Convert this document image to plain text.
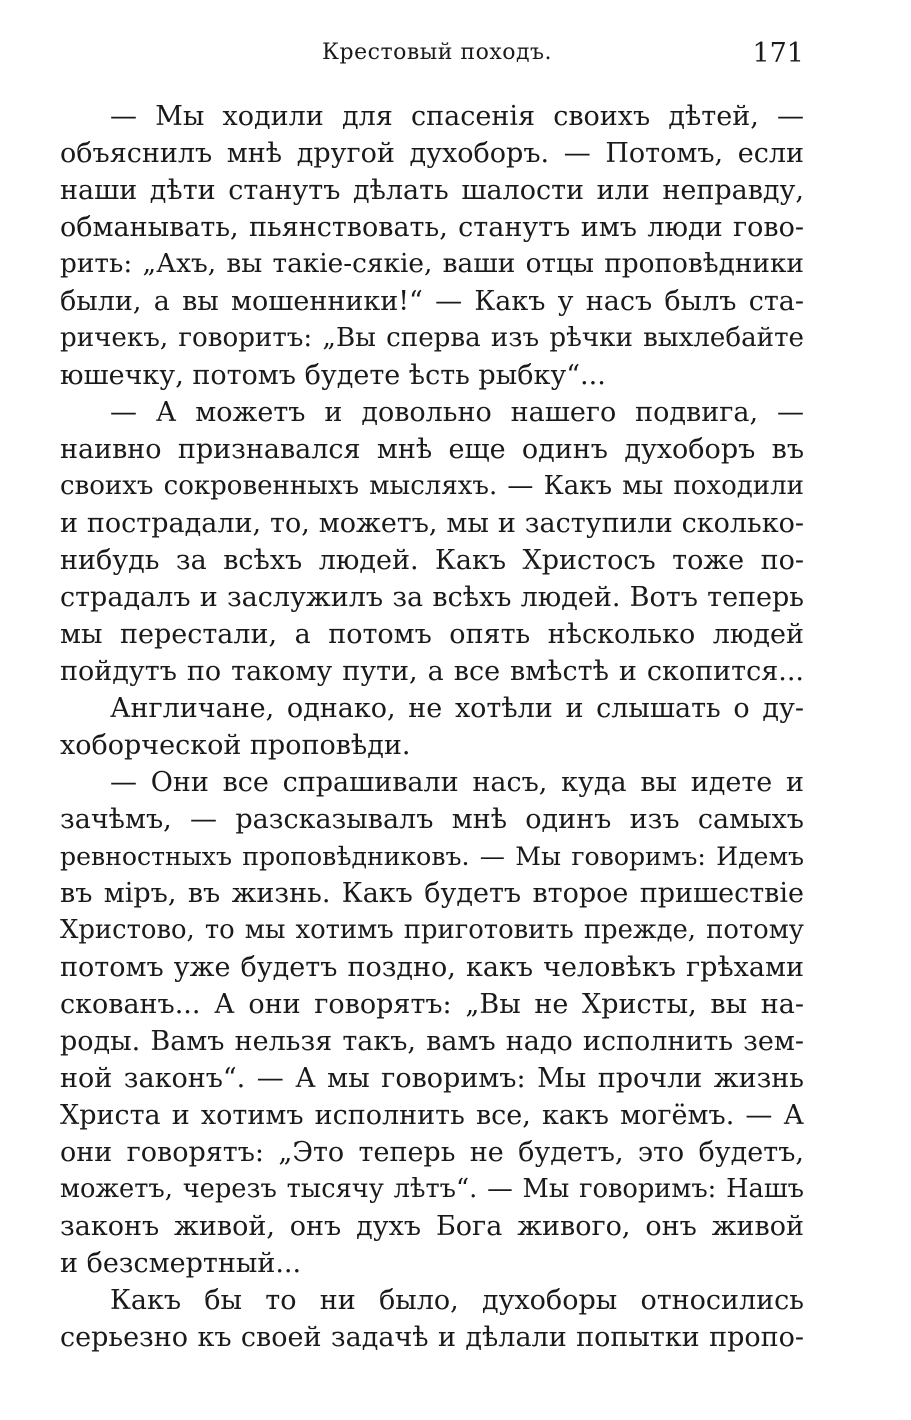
Крестовый походъ.	171
— Мы ходили для спасенія своихъ дѣтей, —
объяснилъ мнѣ другой духоборъ. — Потомъ, если
наши дѣти станутъ дѣлать шалости или неправду,
обманывать, пьянствовать, станутъ имъ люди гово-
рить: „Ахъ, вы такіе-сякіе, ваши отцы проповѣдники
были, а вы мошенники!“ — Какъ у насъ былъ ста-
ричекъ, говоритъ: „Вы сперва изъ рѣчки выхлебайте
юшечку, потомъ будете ѣсть рыбку“...
— А можетъ и довольно нашего подвига, —
наивно признавался мнѣ еще одинъ духоборъ въ
своихъ сокровенныхъ мысляхъ. — Какъ мы походили
и пострадали, то, можетъ, мы и заступили сколько-
нибудь за всѣхъ людей. Какъ Христосъ тоже по-
страдалъ и заслужилъ за всѣхъ людей. Вотъ теперь
мы перестали, а потомъ опять нѣсколько людей
пойдутъ по такому пути, а все вмѣстѣ и скопится...
Англичане, однако, не хотѣли и слышать о ду-
хоборческой проповѣди.
— Они все спрашивали насъ, куда вы идете и
зачѣмъ, — разсказывалъ мнѣ одинъ изъ самыхъ
ревностныхъ проповѣдниковъ. — Мы говоримъ: Идемъ
въ міръ, въ жизнь. Какъ будетъ второе пришествіе
Христово, то мы хотимъ приготовить прежде, потому
потомъ уже будетъ поздно, какъ человѣкъ грѣхами
скованъ... А они говорятъ: „Вы не Христы, вы на-
роды. Вамъ нельзя такъ, вамъ надо исполнить зем-
ной законъ“. — А мы говоримъ: Мы прочли жизнь
Христа и хотимъ исполнить все, какъ могёмъ. — А
они говорятъ: „Это теперь не будетъ, это будетъ,
можетъ, черезъ тысячу лѣтъ“. — Мы говоримъ: Нашъ
законъ живой, онъ духъ Бога живого, онъ живой
и безсмертный...
Какъ бы то ни было, духоборы относились
серьезно къ своей задачѣ и дѣлали попытки пропо-
